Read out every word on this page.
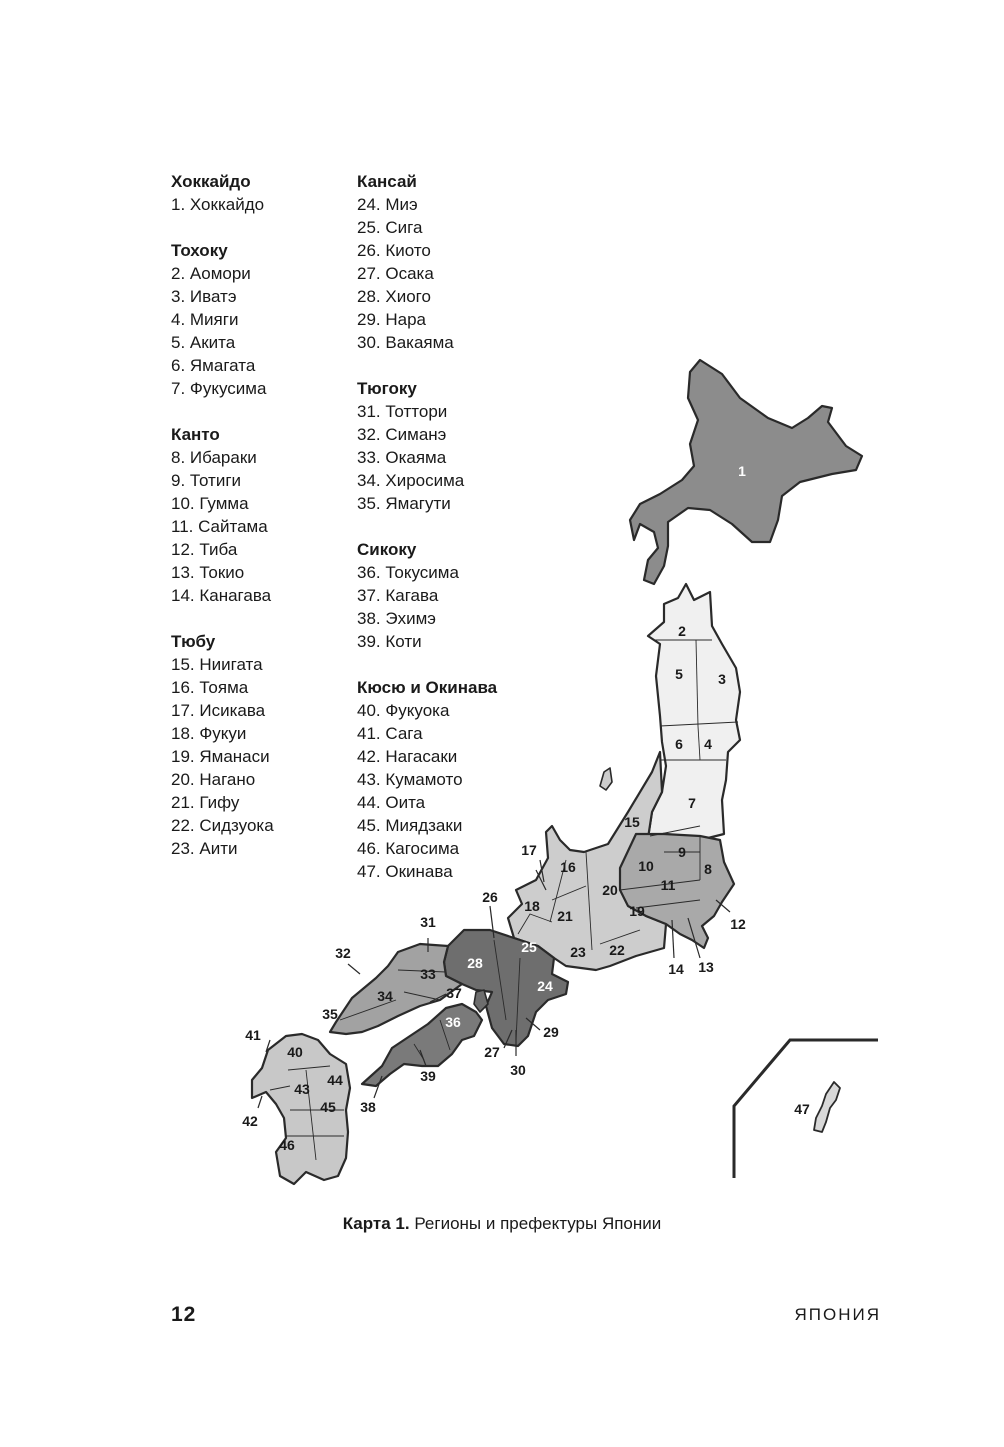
Хоккайдо
1. Хоккайдо
Тохоку
2. Аомори
3. Иватэ
4. Мияги
5. Акита
6. Ямагата
7. Фукусима
Канто
8. Ибараки
9. Тотиги
10. Гумма
11. Сайтама
12. Тиба
13. Токио
14. Канагава
Тюбу
15. Ниигата
16. Тояма
17. Исикава
18. Фукуи
19. Яманаси
20. Нагано
21. Гифу
22. Сидзуока
23. Аити
Кансай
24. Миэ
25. Сига
26. Киото
27. Осака
28. Хиого
29. Нара
30. Вакаяма
Тюгоку
31. Тоттори
32. Симанэ
33. Окаяма
34. Хиросима
35. Ямагути
Сикоку
36. Токусима
37. Кагава
38. Эхимэ
39. Коти
Кюсю и Окинава
40. Фукуока
41. Сага
42. Нагасаки
43. Кумамото
44. Оита
45. Миядзаки
46. Кагосима
47. Окинава
1
2
3
4
5
6
7
8
9
10
11
12
13
14
15
16
17
18	19
20
21
22
23
24
25
26
27
28
29
30
31
32
33
34
35	36
37
38
39
40
41
42
43
44
45
46
47
Карта 1. Регионы и префектуры Японии
12	ЯПОНИЯ
